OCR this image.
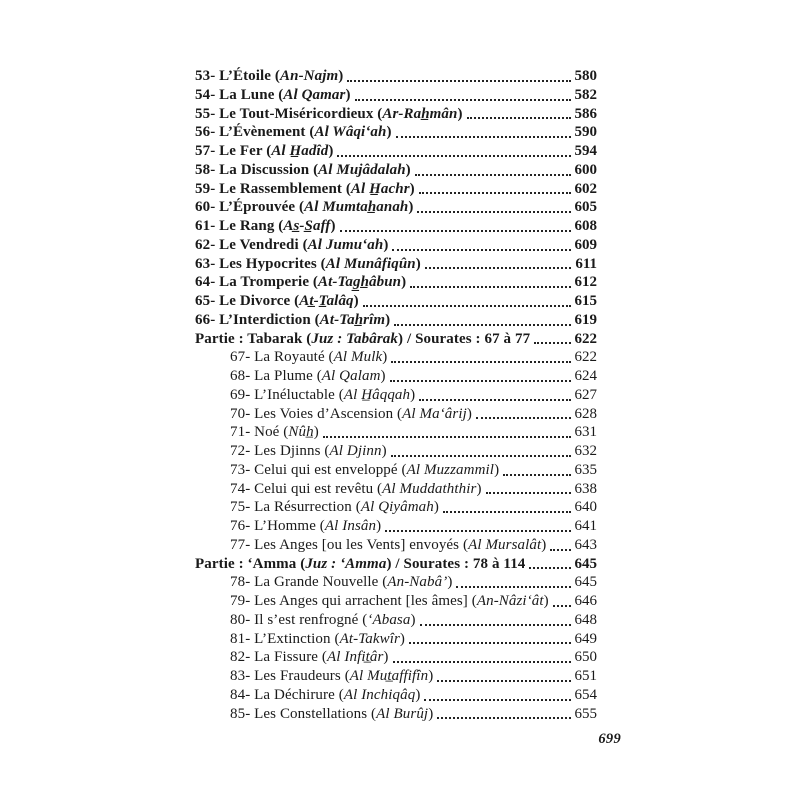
53- L’Étoile (An-Najm)	580
54- La Lune (Al Qamar)	582
55- Le Tout-Miséricordieux (Ar-Rah̲mân)	586
56- L’Évènement (Al Wâqi‘ah)	590
57- Le Fer (Al H̲adîd)	594
58- La Discussion (Al Mujâdalah)	600
59- Le Rassemblement (Al H̲achr)	602
60- L’Éprouvée (Al Mumtah̲anah)	605
61- Le Rang (As̲-S̲aff)	608
62- Le Vendredi (Al Jumu‘ah)	609
63- Les Hypocrites (Al Munâfiqûn)	611
64- La Tromperie (At-Tag̲h̲âbun)	612
65- Le Divorce (At̲-T̲alâq)	615
66- L’Interdiction (At-Tah̲rîm)	619
Partie : Tabarak (Juz : Tabârak) / Sourates : 67 à 77	622
67- La Royauté (Al Mulk)	622
68- La Plume (Al Qalam)	624
69- L’Inéluctable (Al H̲âqqah)	627
70- Les Voies d’Ascension (Al Ma‘ârij)	628
71- Noé (Nûh̲)	631
72- Les Djinns (Al Djinn)	632
73- Celui qui est enveloppé (Al Muzzammil)	635
74- Celui qui est revêtu (Al Muddaththir)	638
75- La Résurrection (Al Qiyâmah)	640
76- L’Homme (Al Insân)	641
77- Les Anges [ou les Vents] envoyés (Al Mursalât) 643
Partie : ‘Amma (Juz : ‘Amma) / Sourates : 78 à 114	645
78- La Grande Nouvelle (An-Nabâ’)	645
79- Les Anges qui arrachent [les âmes] (An-Nâzi‘ât) 646
80- Il s’est renfrogné (‘Abasa)	648
81- L’Extinction (At-Takwîr)	649
82- La Fissure (Al Infit̲âr)	650
83- Les Fraudeurs (Al Mut̲affifîn)	651
84- La Déchirure (Al Inchiqâq)	654
85- Les Constellations (Al Burûj)	655
699
